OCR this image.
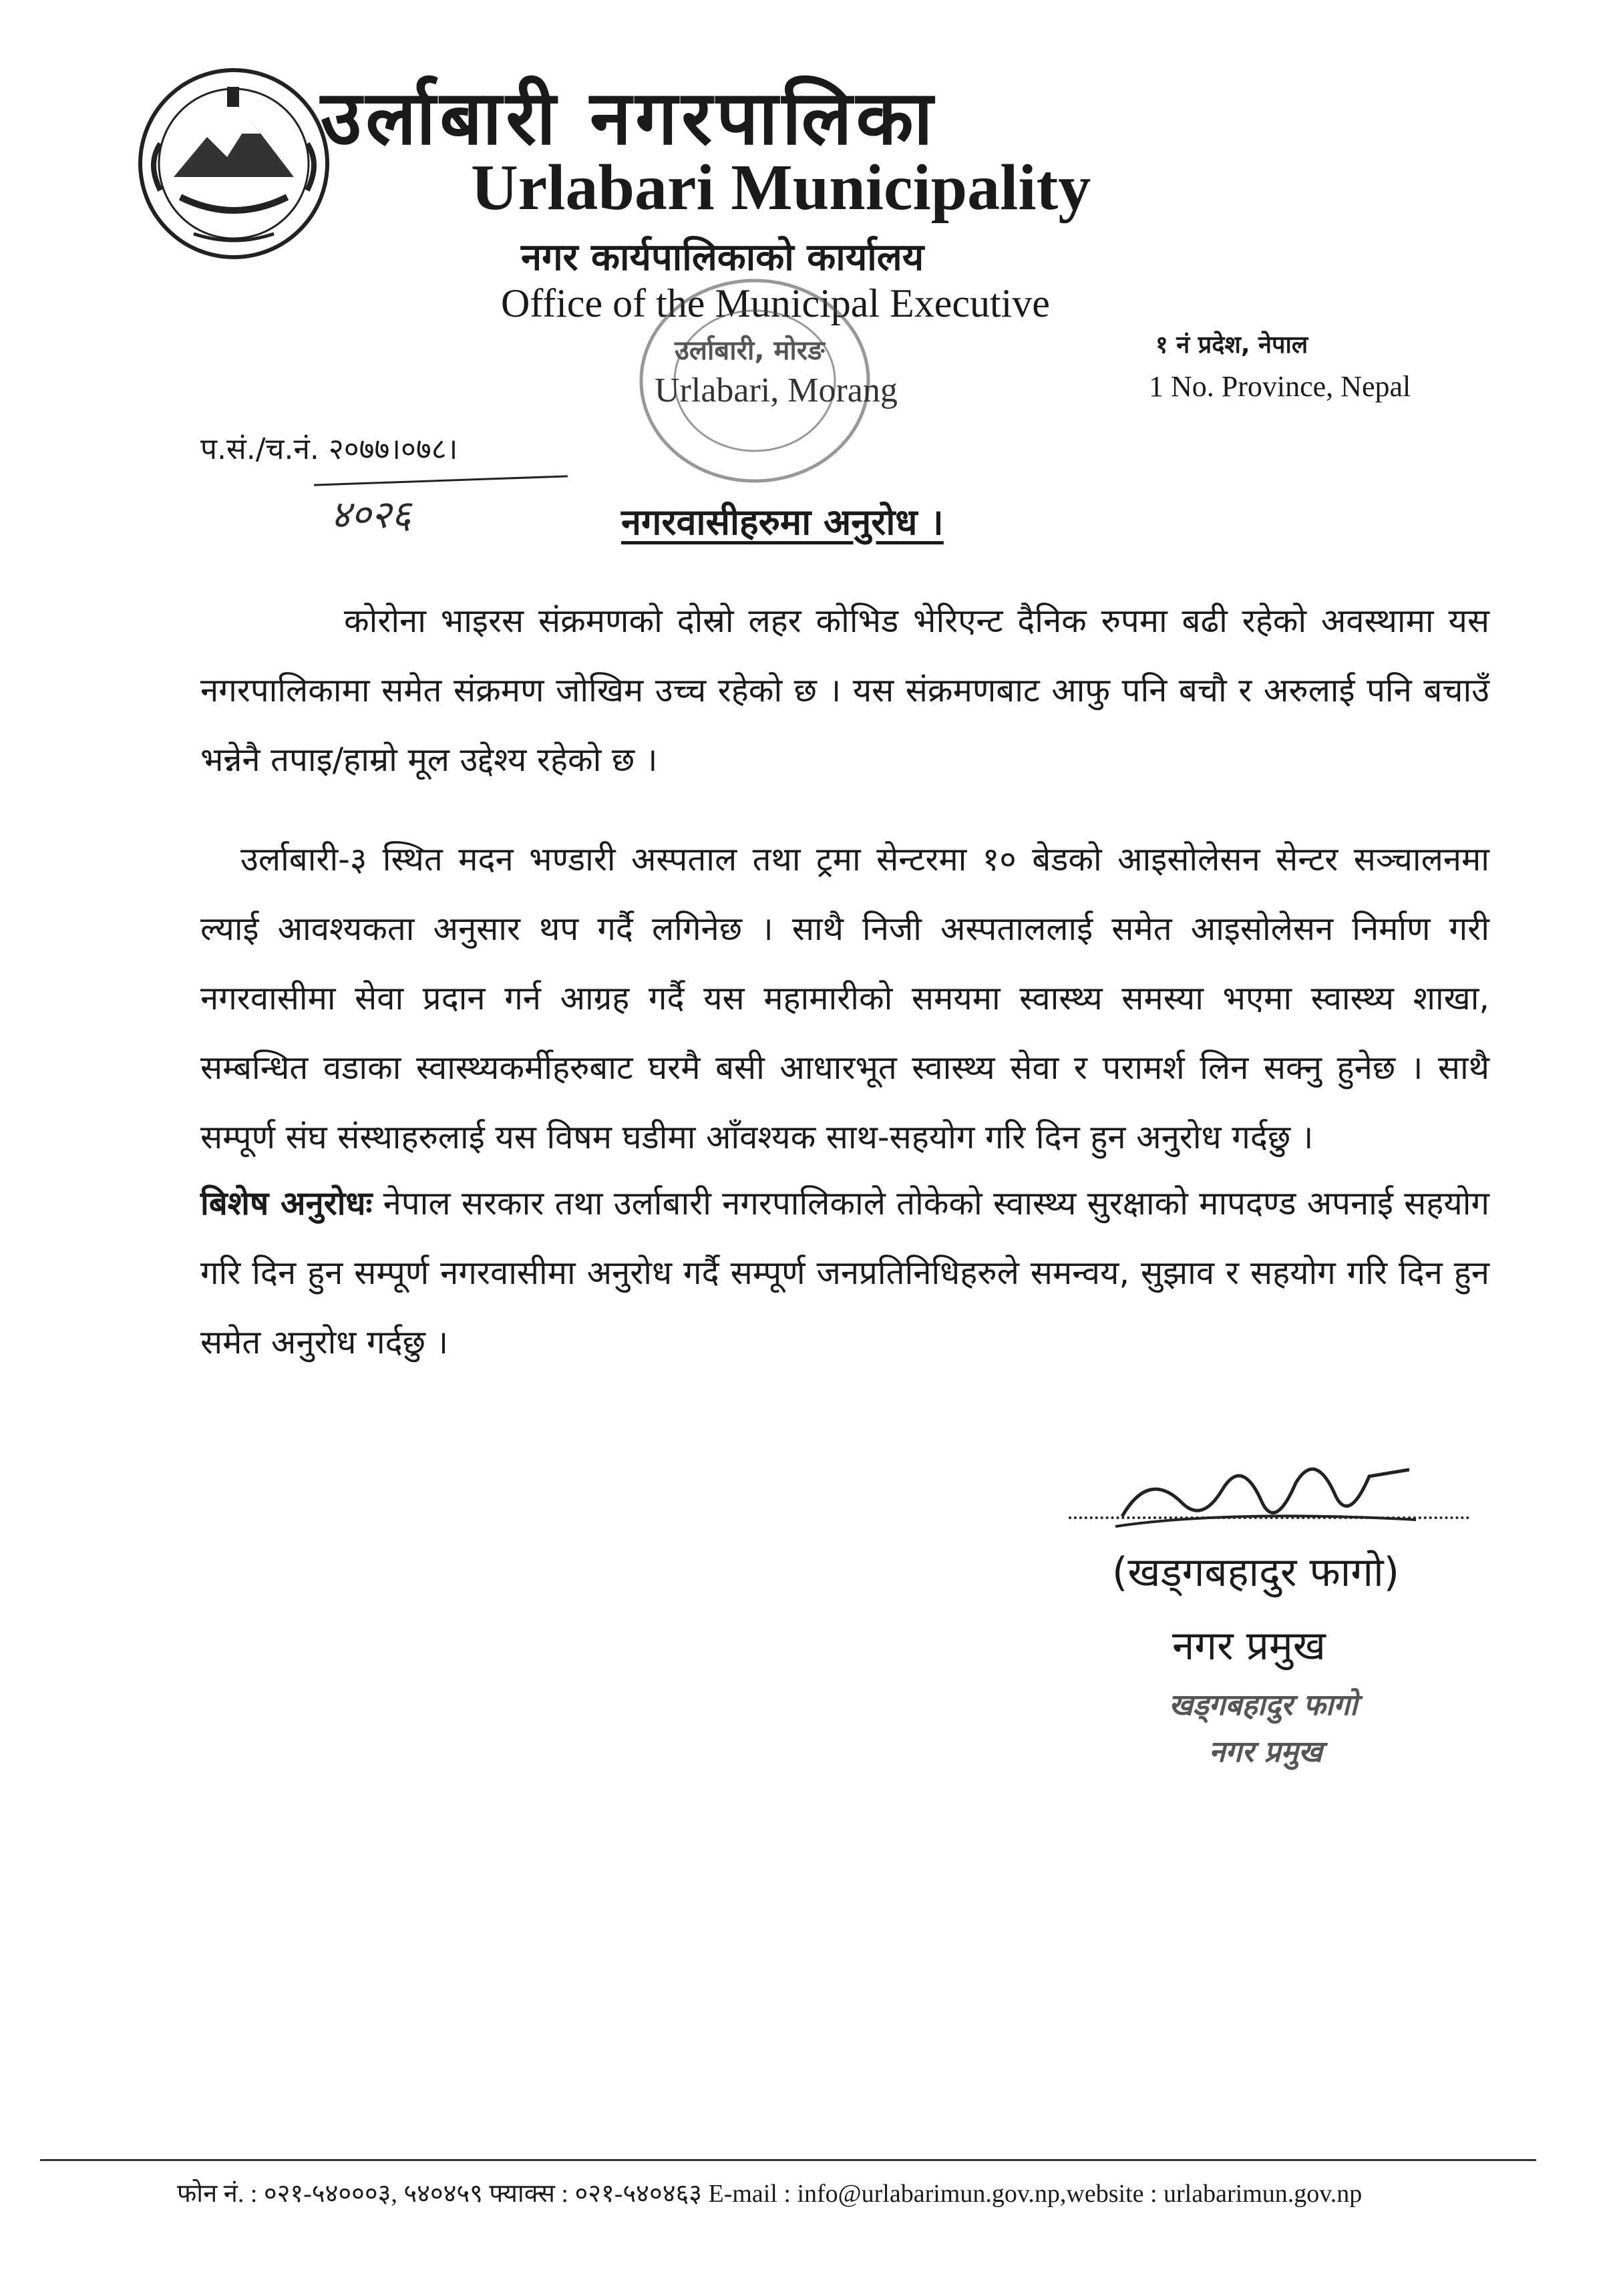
उर्लाबारी नगरपालिका
Urlabari Municipality
नगर कार्यपालिकाको कार्यालय
Office of the Municipal Executive
उर्लाबारी, मोरङ
Urlabari, Morang
१ नं प्रदेश, नेपाल
1 No. Province, Nepal
प.सं./च.नं. २०७७।०७८।
४०२६	नगरवासीहरुमा अनुरोध ।
कोरोना भाइरस संक्रमणको दोस्रो लहर कोभिड भेरिएन्ट दैनिक रुपमा बढी रहेको अवस्थामा यस नगरपालिकामा समेत संक्रमण जोखिम उच्च रहेको छ । यस संक्रमणबाट आफु पनि बचौ र अरुलाई पनि बचाउँ भन्नेनै तपाइ/हाम्रो मूल उद्देश्य रहेको छ ।
उर्लाबारी-३ स्थित मदन भण्डारी अस्पताल तथा ट्रमा सेन्टरमा १० बेडको आइसोलेसन सेन्टर सञ्चालनमा ल्याई आवश्यकता अनुसार थप गर्दै लगिनेछ । साथै निजी अस्पताललाई समेत आइसोलेसन निर्माण गरी नगरवासीमा सेवा प्रदान गर्न आग्रह गर्दै यस महामारीको समयमा स्वास्थ्य समस्या भएमा स्वास्थ्य शाखा, सम्बन्धित वडाका स्वास्थ्यकर्मीहरुबाट घरमै बसी आधारभूत स्वास्थ्य सेवा र परामर्श लिन सक्नु हुनेछ । साथै सम्पूर्ण संघ संस्थाहरुलाई यस विषम घडीमा आँवश्यक साथ-सहयोग गरि दिन हुन अनुरोध गर्दछु ।
बिशेष अनुरोधः नेपाल सरकार तथा उर्लाबारी नगरपालिकाले तोकेको स्वास्थ्य सुरक्षाको मापदण्ड अपनाई सहयोग गरि दिन हुन सम्पूर्ण नगरवासीमा अनुरोध गर्दै सम्पूर्ण जनप्रतिनिधिहरुले समन्वय, सुझाव र सहयोग गरि दिन हुन समेत अनुरोध गर्दछु ।
(खड्गबहादुर फागो)
नगर प्रमुख
खड्गबहादुर फागो
नगर प्रमुख
फोन नं. : ०२१-५४०००३, ५४०४५९ फ्याक्स : ०२१-५४०४६३ E-mail : info@urlabarimun.gov.np,website : urlabarimun.gov.np
